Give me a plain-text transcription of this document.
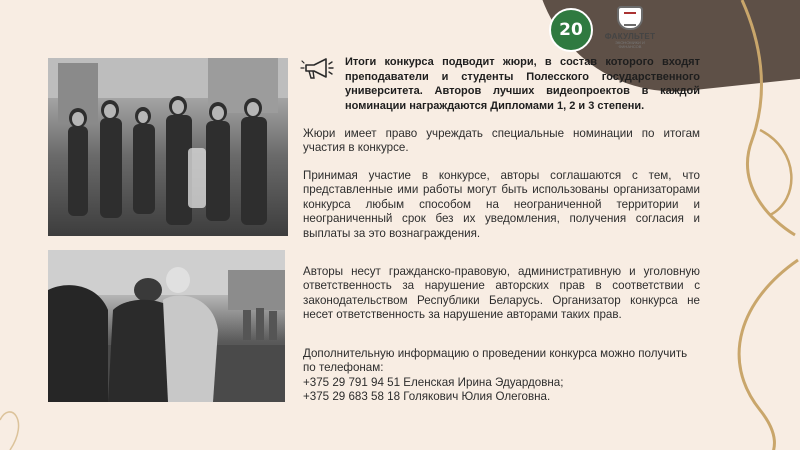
20	ФАКУЛЬТЕТ
ЭКОНОМИКИ И ФИНАНСОВ
Итоги конкурса подводит жюри, в состав которого входят преподаватели и студенты Полесского государственного университета. Авторов лучших видеопроектов в каждой номинации награждаются Дипломами 1, 2 и 3 степени.

Жюри имеет право учреждать специальные номинации по итогам участия в конкурсе.

Принимая участие в конкурсе, авторы соглашаются с тем, что представленные ими работы могут быть использованы организаторами конкурса любым способом на неограниченной территории и неограниченный срок без их уведомления, получения согласия и выплаты за это вознаграждения.

Авторы несут гражданско-правовую, административную и уголовную ответственность за нарушение авторских прав в соответствии с законодательством Республики Беларусь. Организатор конкурса не несет ответственность за нарушение авторами таких прав.

Дополнительную информацию о проведении конкурса можно получить по телефонам:
+375 29 791 94 51 Еленская Ирина Эдуардовна;
+375 29 683 58 18 Голякович Юлия Олеговна.
